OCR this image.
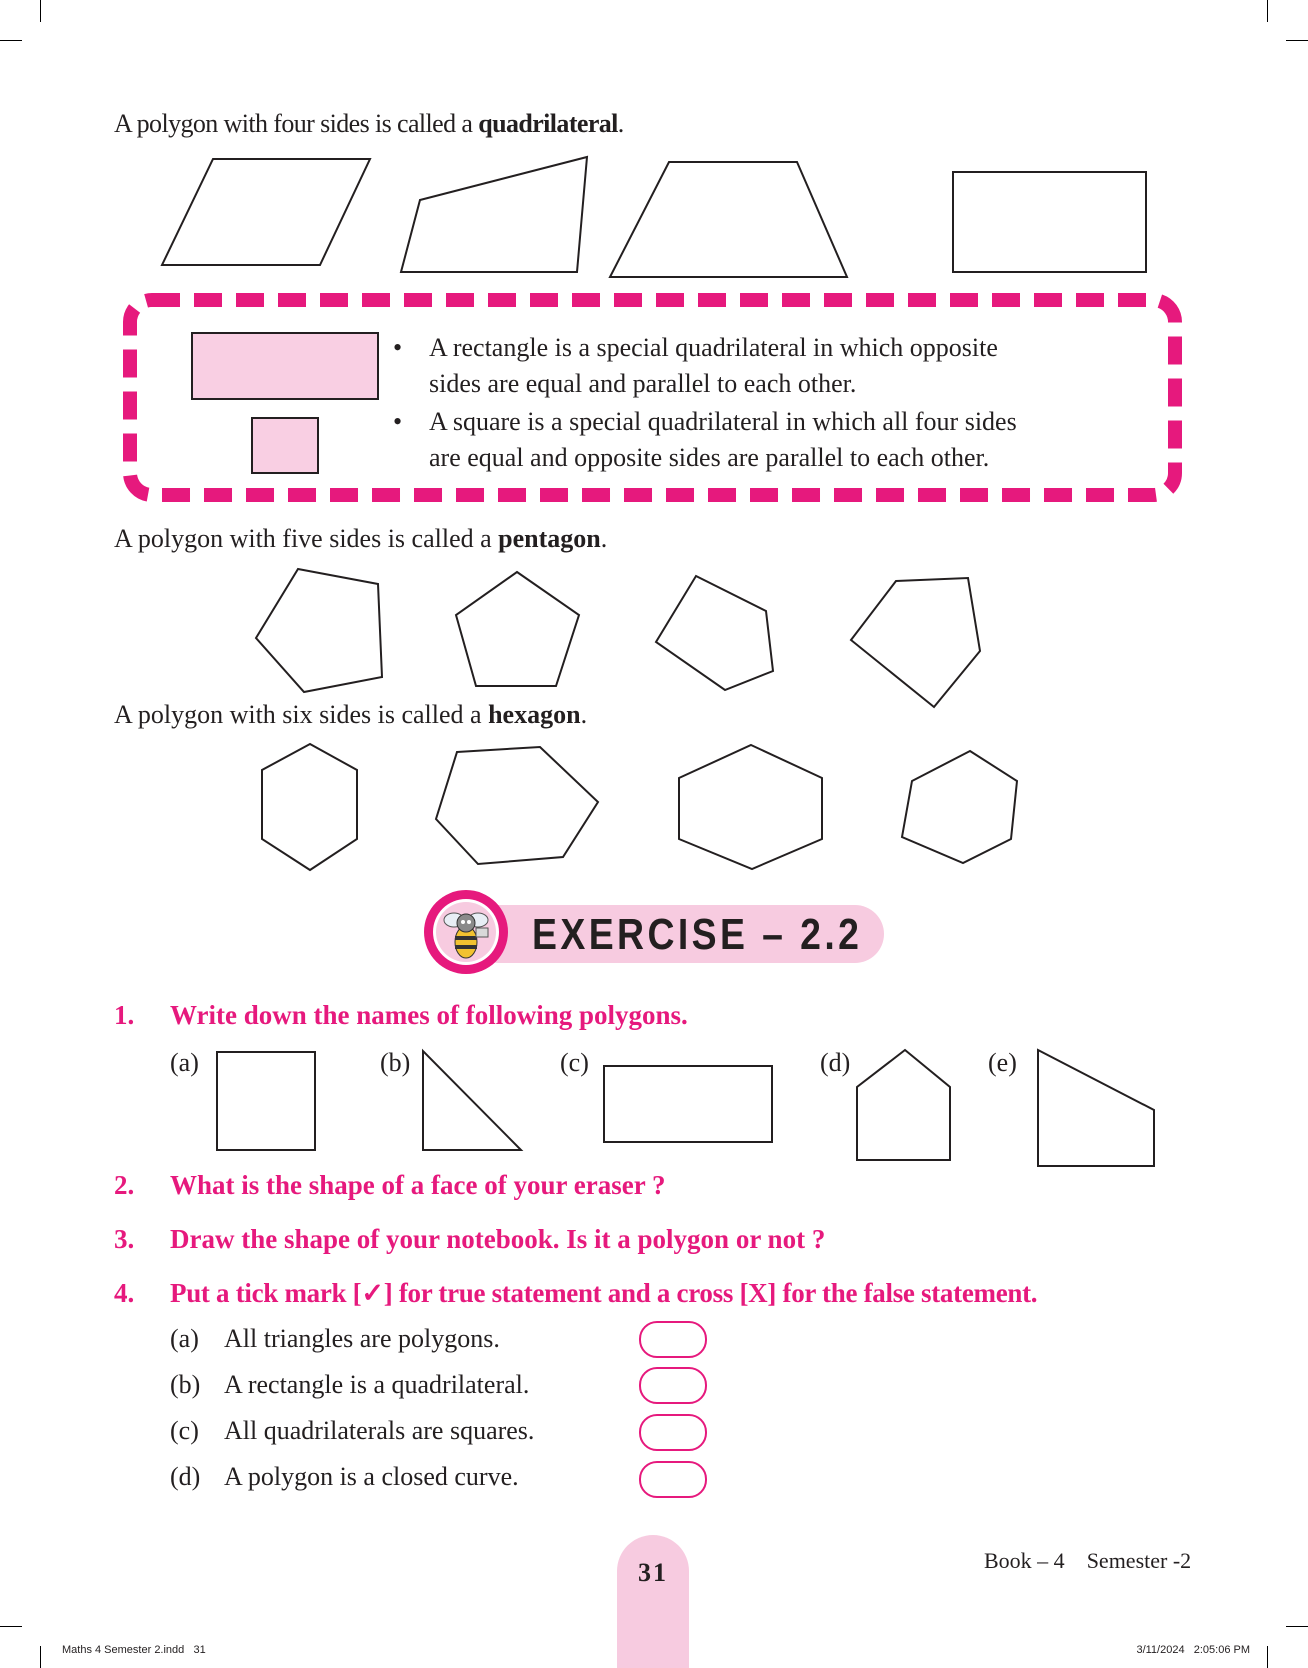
A polygon with four sides is called a quadrilateral.
• A rectangle is a special quadrilateral in which opposite
sides are equal and parallel to each other.
• A square is a special quadrilateral in which all four sides
are equal and opposite sides are parallel to each other.
A polygon with five sides is called a pentagon.
A polygon with six sides is called a hexagon.
EXERCISE – 2.2
1. Write down the names of following polygons.
(a)	(b)	(c)	(d)	(e)
2. What is the shape of a face of your eraser ?
3. Draw the shape of your notebook. Is it a polygon or not ?
4. Put a tick mark [✓] for true statement and a cross [X] for the false statement.
(a) All triangles are polygons.
(b) A rectangle is a quadrilateral.
(c) All quadrilaterals are squares.
(d) A polygon is a closed curve.
31	Book – 4 Semester -2
Maths 4 Semester 2.indd   31	3/11/2024   2:05:06 PM
